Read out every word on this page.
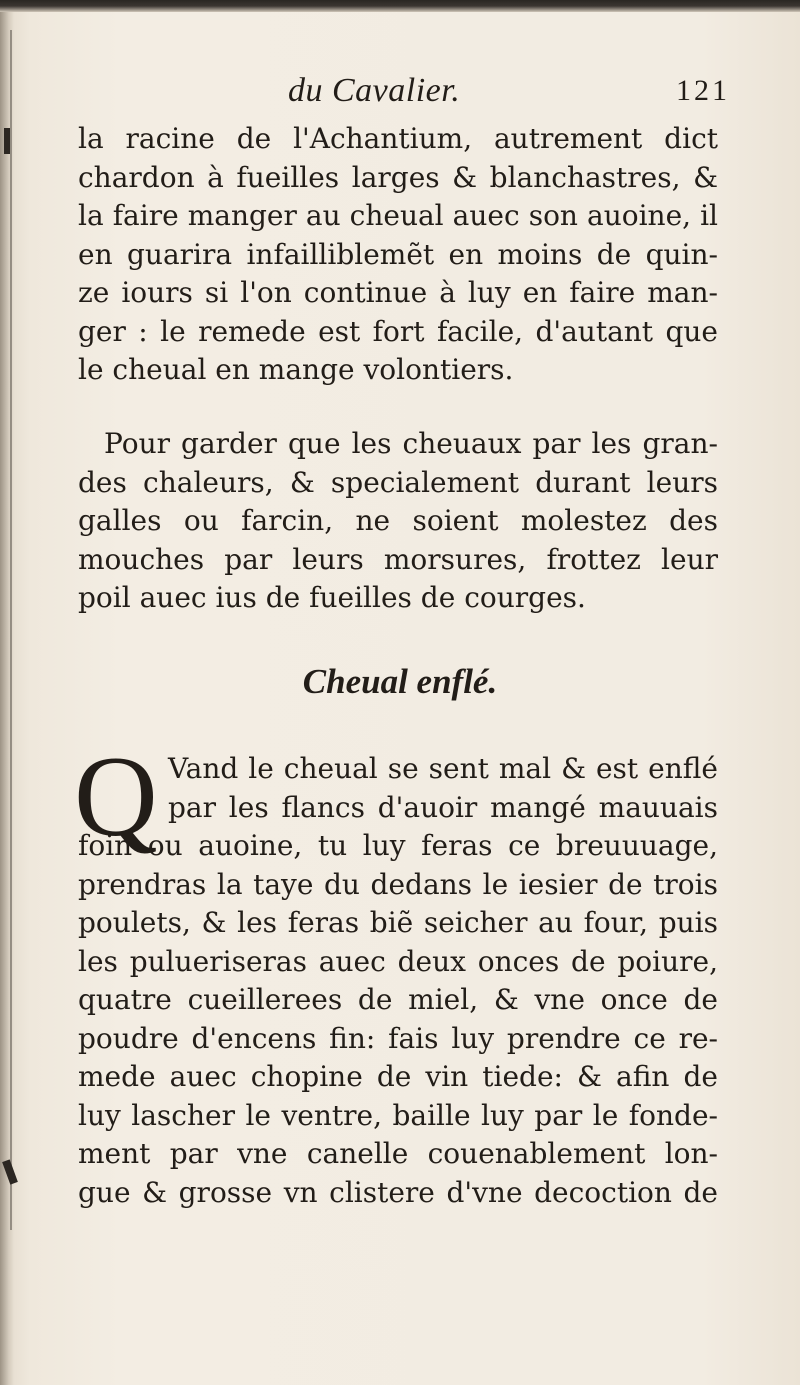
du Cavalier.	121
la racine de l'Achantium, autrement dict
chardon à fueilles larges & blanchastres, &
la faire manger au cheual auec son auoine, il
en guarira infailliblemẽt en moins de quin-
ze iours si l'on continue à luy en faire man-
ger : le remede est fort facile, d'autant que
le cheual en mange volontiers.
Pour garder que les cheuaux par les gran-
des chaleurs, & specialement durant leurs
galles ou farcin, ne soient molestez des
mouches par leurs morsures, frottez leur
poil auec ius de fueilles de courges.
Cheual enflé.
Q Vand le cheual se sent mal & est enflé
par les flancs d'auoir mangé mauuais
foin ou auoine, tu luy feras ce breuuuage,
prendras la taye du dedans le iesier de trois
poulets, & les feras biẽ seicher au four, puis
les pulueriseras auec deux onces de poiure,
quatre cueillerees de miel, & vne once de
poudre d'encens fin: fais luy prendre ce re-
mede auec chopine de vin tiede: & afin de
luy lascher le ventre, baille luy par le fonde-
ment par vne canelle couenablement lon-
gue & grosse vn clistere d'vne decoction de
